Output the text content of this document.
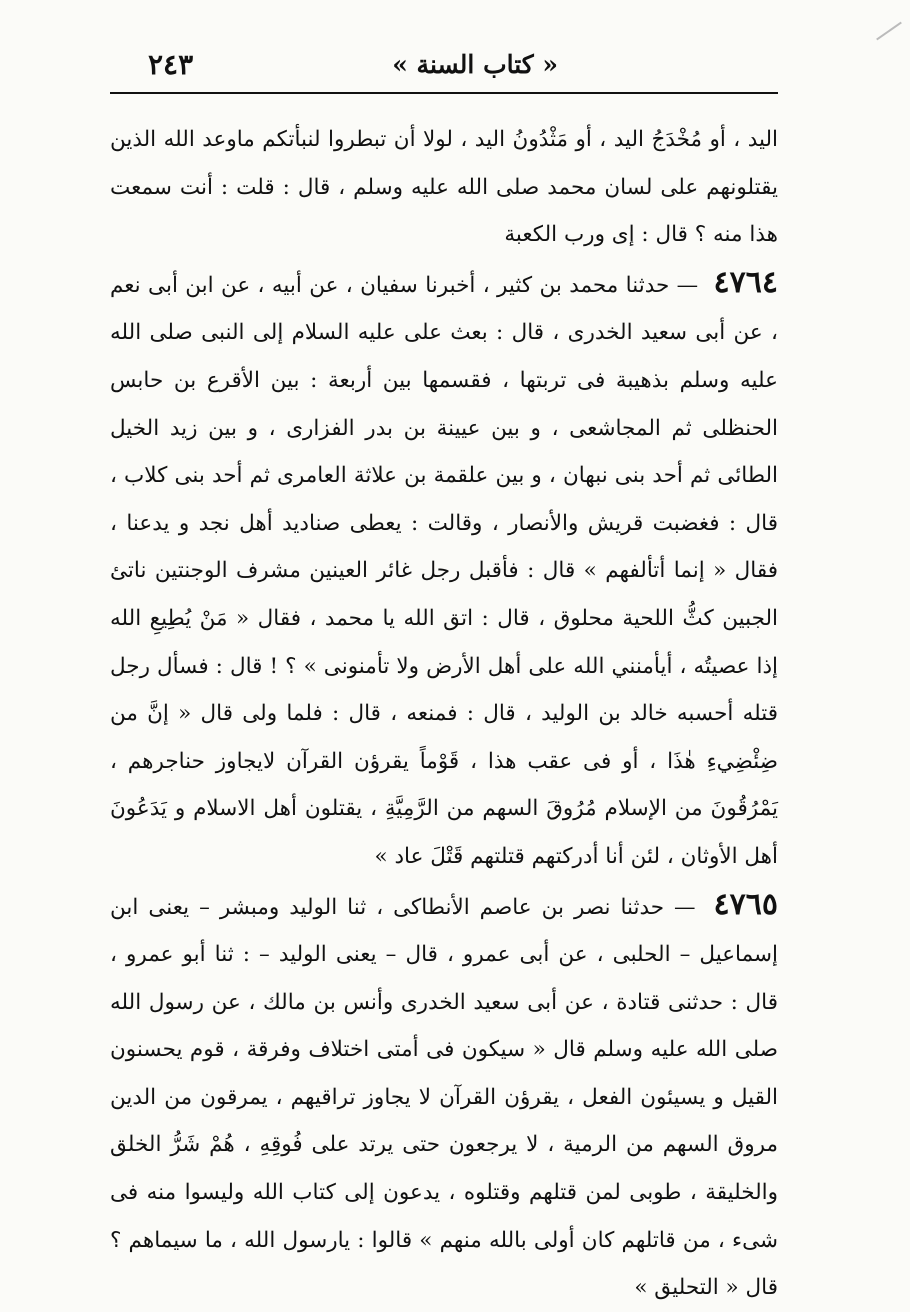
« كتاب السنة »
٢٤٣

اليد ، أو مُخْدَجُ اليد ، أو مَثْدُونُ اليد ، لولا أن تبطروا لنبأتكم ماوعد الله الذين يقتلونهم على لسان محمد صلى الله عليه وسلم ، قال : قلت : أنت سمعت هذا منه ؟ قال : إى ورب الكعبة

٤٧٦٤ — حدثنا محمد بن كثير ، أخبرنا سفيان ، عن أبيه ، عن ابن أبى نعم ، عن أبى سعيد الخدرى ، قال : بعث على عليه السلام إلى النبى صلى الله عليه وسلم بذهيبة فى تربتها ، فقسمها بين أربعة : بين الأقرع بن حابس الحنظلى ثم المجاشعى ، و بين عيينة بن بدر الفزارى ، و بين زيد الخيل الطائى ثم أحد بنى نبهان ، و بين علقمة بن علاثة العامرى ثم أحد بنى كلاب ، قال : فغضبت قريش والأنصار ، وقالت : يعطى صناديد أهل نجد و يدعنا ، فقال « إنما أتألفهم » قال : فأقبل رجل غائر العينين مشرف الوجنتين ناتئ الجبين كثُّ اللحية محلوق ، قال : اتق الله يا محمد ، فقال « مَنْ يُطِيعِ الله إذا عصيتُه ، أيأمنني الله على أهل الأرض ولا تأمنونى » ؟ ! قال : فسأل رجل قتله أحسبه خالد بن الوليد ، قال : فمنعه ، قال : فلما ولى قال « إنَّ من ضِئْضِيءِ هٰذَا ، أو فى عقب هذا ، قَوْماً يقرؤن القرآن لايجاوز حناجرهم ، يَمْرُقُونَ من الإسلام مُرُوقَ السهم من الرَّمِيَّةِ ، يقتلون أهل الاسلام و يَدَعُونَ أهل الأوثان ، لئن أنا أدركتهم قتلتهم قَتْلَ عاد »

٤٧٦٥ — حدثنا نصر بن عاصم الأنطاكى ، ثنا الوليد ومبشر – يعنى ابن إسماعيل – الحلبى ، عن أبى عمرو ، قال – يعنى الوليد – : ثنا أبو عمرو ، قال : حدثنى قتادة ، عن أبى سعيد الخدرى وأنس بن مالك ، عن رسول الله صلى الله عليه وسلم قال « سيكون فى أمتى اختلاف وفرقة ، قوم يحسنون القيل و يسيئون الفعل ، يقرؤن القرآن لا يجاوز تراقيهم ، يمرقون من الدين مروق السهم من الرمية ، لا يرجعون حتى يرتد على فُوقِهِ ، هُمْ شَرُّ الخلق والخليقة ، طوبى لمن قتلهم وقتلوه ، يدعون إلى كتاب الله وليسوا منه فى شىء ، من قاتلهم كان أولى بالله منهم » قالوا : يارسول الله ، ما سيماهم ؟ قال « التحليق »
